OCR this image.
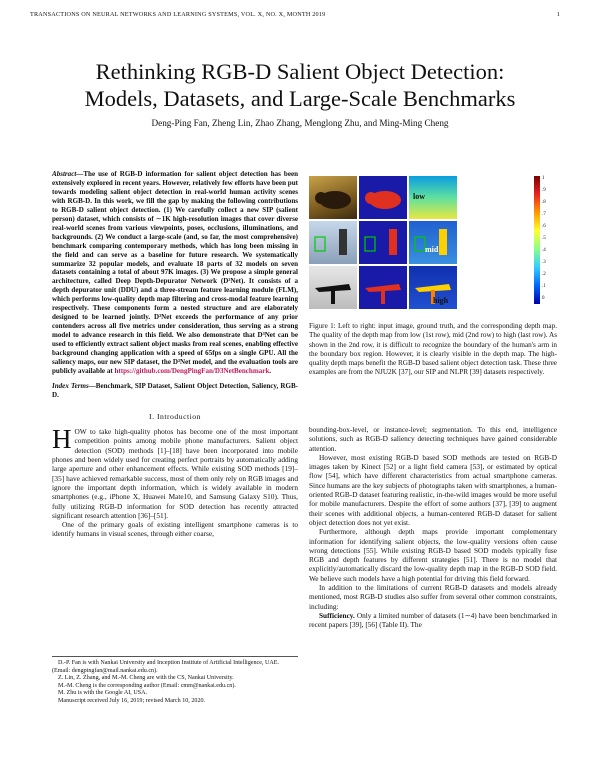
TRANSACTIONS ON NEURAL NETWORKS AND LEARNING SYSTEMS, VOL. X, NO. X, MONTH 2019	1
Rethinking RGB-D Salient Object Detection:
Models, Datasets, and Large-Scale Benchmarks
Deng-Ping Fan, Zheng Lin, Zhao Zhang, Menglong Zhu, and Ming-Ming Cheng

Abstract—The use of RGB-D information for salient object detection has been extensively explored in recent years. However, relatively few efforts have been put towards modeling salient object detection in real-world human activity scenes with RGB-D. In this work, we fill the gap by making the following contributions to RGB-D salient object detection. (1) We carefully collect a new SIP (salient person) dataset, which consists of ∼1K high-resolution images that cover diverse real-world scenes from various viewpoints, poses, occlusions, illuminations, and backgrounds. (2) We conduct a large-scale (and, so far, the most comprehensive) benchmark comparing contemporary methods, which has long been missing in the field and can serve as a baseline for future research. We systematically summarize 32 popular models, and evaluate 18 parts of 32 models on seven datasets containing a total of about 97K images. (3) We propose a simple general architecture, called Deep Depth-Depurator Network (D³Net). It consists of a depth depurator unit (DDU) and a three-stream feature learning module (FLM), which performs low-quality depth map filtering and cross-modal feature learning respectively. These components form a nested structure and are elaborately designed to be learned jointly. D³Net exceeds the performance of any prior contenders across all five metrics under consideration, thus serving as a strong model to advance research in this field. We also demonstrate that D³Net can be used to efficiently extract salient object masks from real scenes, enabling effective background changing application with a speed of 65fps on a single GPU. All the saliency maps, our new SIP dataset, the D³Net model, and the evaluation tools are publicly available at https://github.com/DengPingFan/D3NetBenchmark.

Index Terms—Benchmark, SIP Dataset, Salient Object Detection, Saliency, RGB-D.

I. Introduction

HOW to take high-quality photos has become one of the most important competition points among mobile phone manufacturers. Salient object detection (SOD) methods [1]–[18] have been incorporated into mobile phones and been widely used for creating perfect portraits by automatically adding large aperture and other enhancement effects. While existing SOD methods [19]–[35] have achieved remarkable success, most of them only rely on RGB images and ignore the important depth information, which is widely available in modern smartphones (e.g., iPhone X, Huawei Mate10, and Samsung Galaxy S10). Thus, fully utilizing RGB-D information for SOD detection has recently attracted significant research attention [36]–[51].

One of the primary goals of existing intelligent smartphone cameras is to identify humans in visual scenes, through either coarse,

D.-P. Fan is with Nankai University and Inception Institute of Artificial Intelligence, UAE. (Email: dengpingfan@mail.nankai.edu.cn).

Z. Lin, Z. Zhang, and M.-M. Cheng are with the CS, Nankai University.

M.-M. Cheng is the corresponding author (Email: cmm@nankai.edu.cn).

M. Zhu is with the Google AI, USA.

Manuscript received July 16, 2019; revised March 10, 2020.

low
mid
high
1
.9
.8
.7
.6
.5
.4
.3
.2
.1
0
Figure 1: Left to right: input image, ground truth, and the corresponding depth map. The quality of the depth map from low (1st row), mid (2nd row) to high (last row). As shown in the 2nd row, it is difficult to recognize the boundary of the human's arm in the boundary box region. However, it is clearly visible in the depth map. The high-quality depth maps benefit the RGB-D based salient object detection task. These three examples are from the NJU2K [37], our SIP and NLPR [39] datasets respectively.

bounding-box-level, or instance-level; segmentation. To this end, intelligence solutions, such as RGB-D saliency detecting techniques have gained considerable attention.

However, most existing RGB-D based SOD methods are tested on RGB-D images taken by Kinect [52] or a light field camera [53], or estimated by optical flow [54], which have different characteristics from actual smartphone cameras. Since humans are the key subjects of photographs taken with smartphones, a human-oriented RGB-D dataset featuring realistic, in-the-wild images would be more useful for mobile manufacturers. Despite the effort of some authors [37], [39] to augment their scenes with additional objects, a human-centered RGB-D dataset for salient object detection does not yet exist.

Furthermore, although depth maps provide important complementary information for identifying salient objects, the low-quality versions often cause wrong detections [55]. While existing RGB-D based SOD models typically fuse RGB and depth features by different strategies [51]. There is no model that explicitly/automatically discard the low-quality depth map in the RGB-D SOD field. We believe such models have a high potential for driving this field forward.

In addition to the limitations of current RGB-D datasets and models already mentioned, most RGB-D studies also suffer from several other common constraints, including:

Sufficiency. Only a limited number of datasets (1∼4) have been benchmarked in recent papers [39], [56] (Table II). The
